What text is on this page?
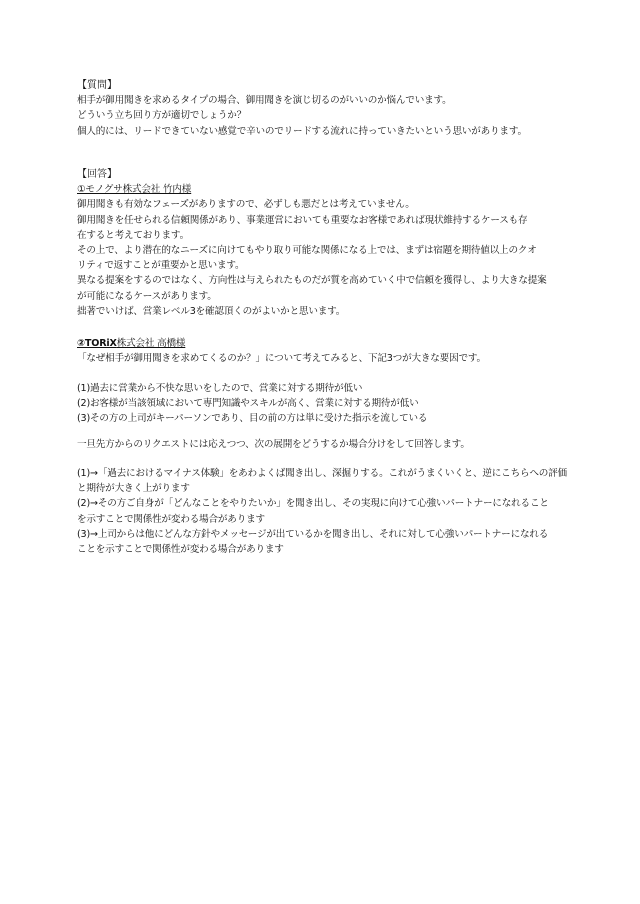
【質問】
相手が御用聞きを求めるタイプの場合、御用聞きを演じ切るのがいいのか悩んでいます。
どういう立ち回り方が適切でしょうか？
個人的には、リードできていない感覚で辛いのでリードする流れに持っていきたいという思いがあります。
【回答】
①モノグサ株式会社 竹内様
御用聞きも有効なフェーズがありますので、必ずしも悪だとは考えていません。
御用聞きを任せられる信頼関係があり、事業運営においても重要なお客様であれば現状維持するケースも存
在すると考えております。
その上で、より潜在的なニーズに向けてもやり取り可能な関係になる上では、まずは宿題を期待値以上のクオ
リティで返すことが重要かと思います。
異なる提案をするのではなく、方向性は与えられたものだが質を高めていく中で信頼を獲得し、より大きな提案
が可能になるケースがあります。
拙著でいけば、営業レベル3を確認頂くのがよいかと思います。
②TORiX株式会社 高橋様
「なぜ相手が御用聞きを求めてくるのか？」について考えてみると、下記3つが大きな要因です。
(1)過去に営業から不快な思いをしたので、営業に対する期待が低い
(2)お客様が当該領域において専門知識やスキルが高く、営業に対する期待が低い
(3)その方の上司がキーパーソンであり、目の前の方は単に受けた指示を流している
一旦先方からのリクエストには応えつつ、次の展開をどうするか場合分けをして回答します。
(1)→「過去におけるマイナス体験」をあわよくば聞き出し、深掘りする。これがうまくいくと、逆にこちらへの評価
と期待が大きく上がります
(2)→その方ご自身が「どんなことをやりたいか」を聞き出し、その実現に向けて心強いパートナーになれること
を示すことで関係性が変わる場合があります
(3)→上司からは他にどんな方針やメッセージが出ているかを聞き出し、それに対して心強いパートナーになれる
ことを示すことで関係性が変わる場合があります
